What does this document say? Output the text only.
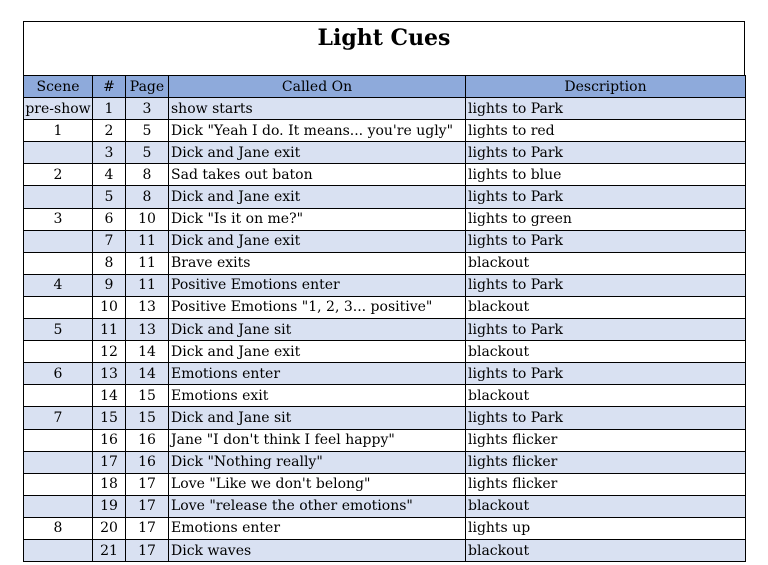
Light Cues
Scene	#	Page	Called On	Description
pre-show	1	3	show starts	lights to Park
1	2	5	Dick "Yeah I do. It means... you're ugly"	lights to red
	3	5	Dick and Jane exit	lights to Park
2	4	8	Sad takes out baton	lights to blue
	5	8	Dick and Jane exit	lights to Park
3	6	10	Dick "Is it on me?"	lights to green
	7	11	Dick and Jane exit	lights to Park
	8	11	Brave exits	blackout
4	9	11	Positive Emotions enter	lights to Park
	10	13	Positive Emotions "1, 2, 3... positive"	blackout
5	11	13	Dick and Jane sit	lights to Park
	12	14	Dick and Jane exit	blackout
6	13	14	Emotions enter	lights to Park
	14	15	Emotions exit	blackout
7	15	15	Dick and Jane sit	lights to Park
	16	16	Jane "I don't think I feel happy"	lights flicker
	17	16	Dick "Nothing really"	lights flicker
	18	17	Love "Like we don't belong"	lights flicker
	19	17	Love "release the other emotions"	blackout
8	20	17	Emotions enter	lights up
	21	17	Dick waves	blackout
